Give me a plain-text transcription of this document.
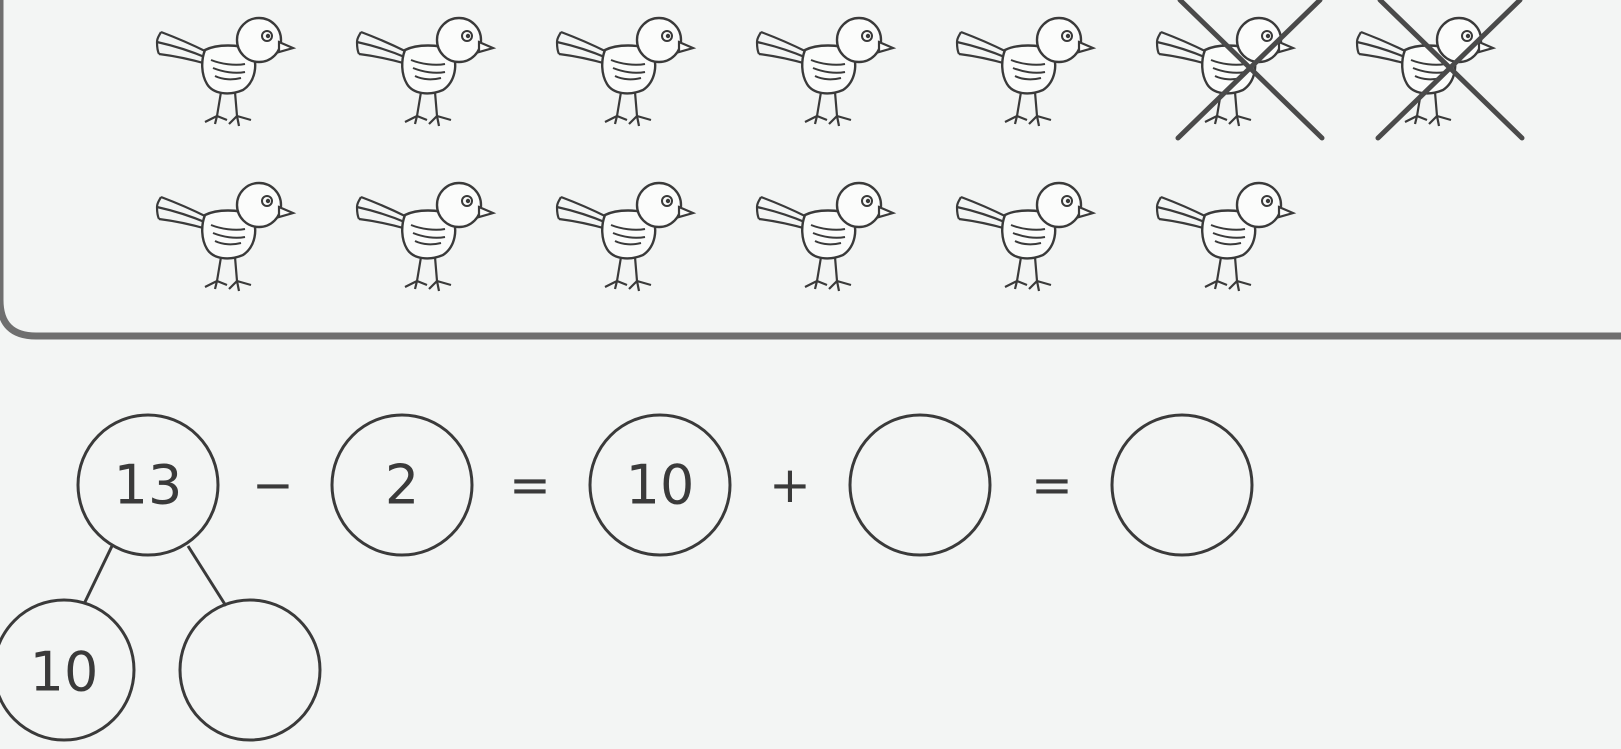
13 − 2 = 10 +	=
10
